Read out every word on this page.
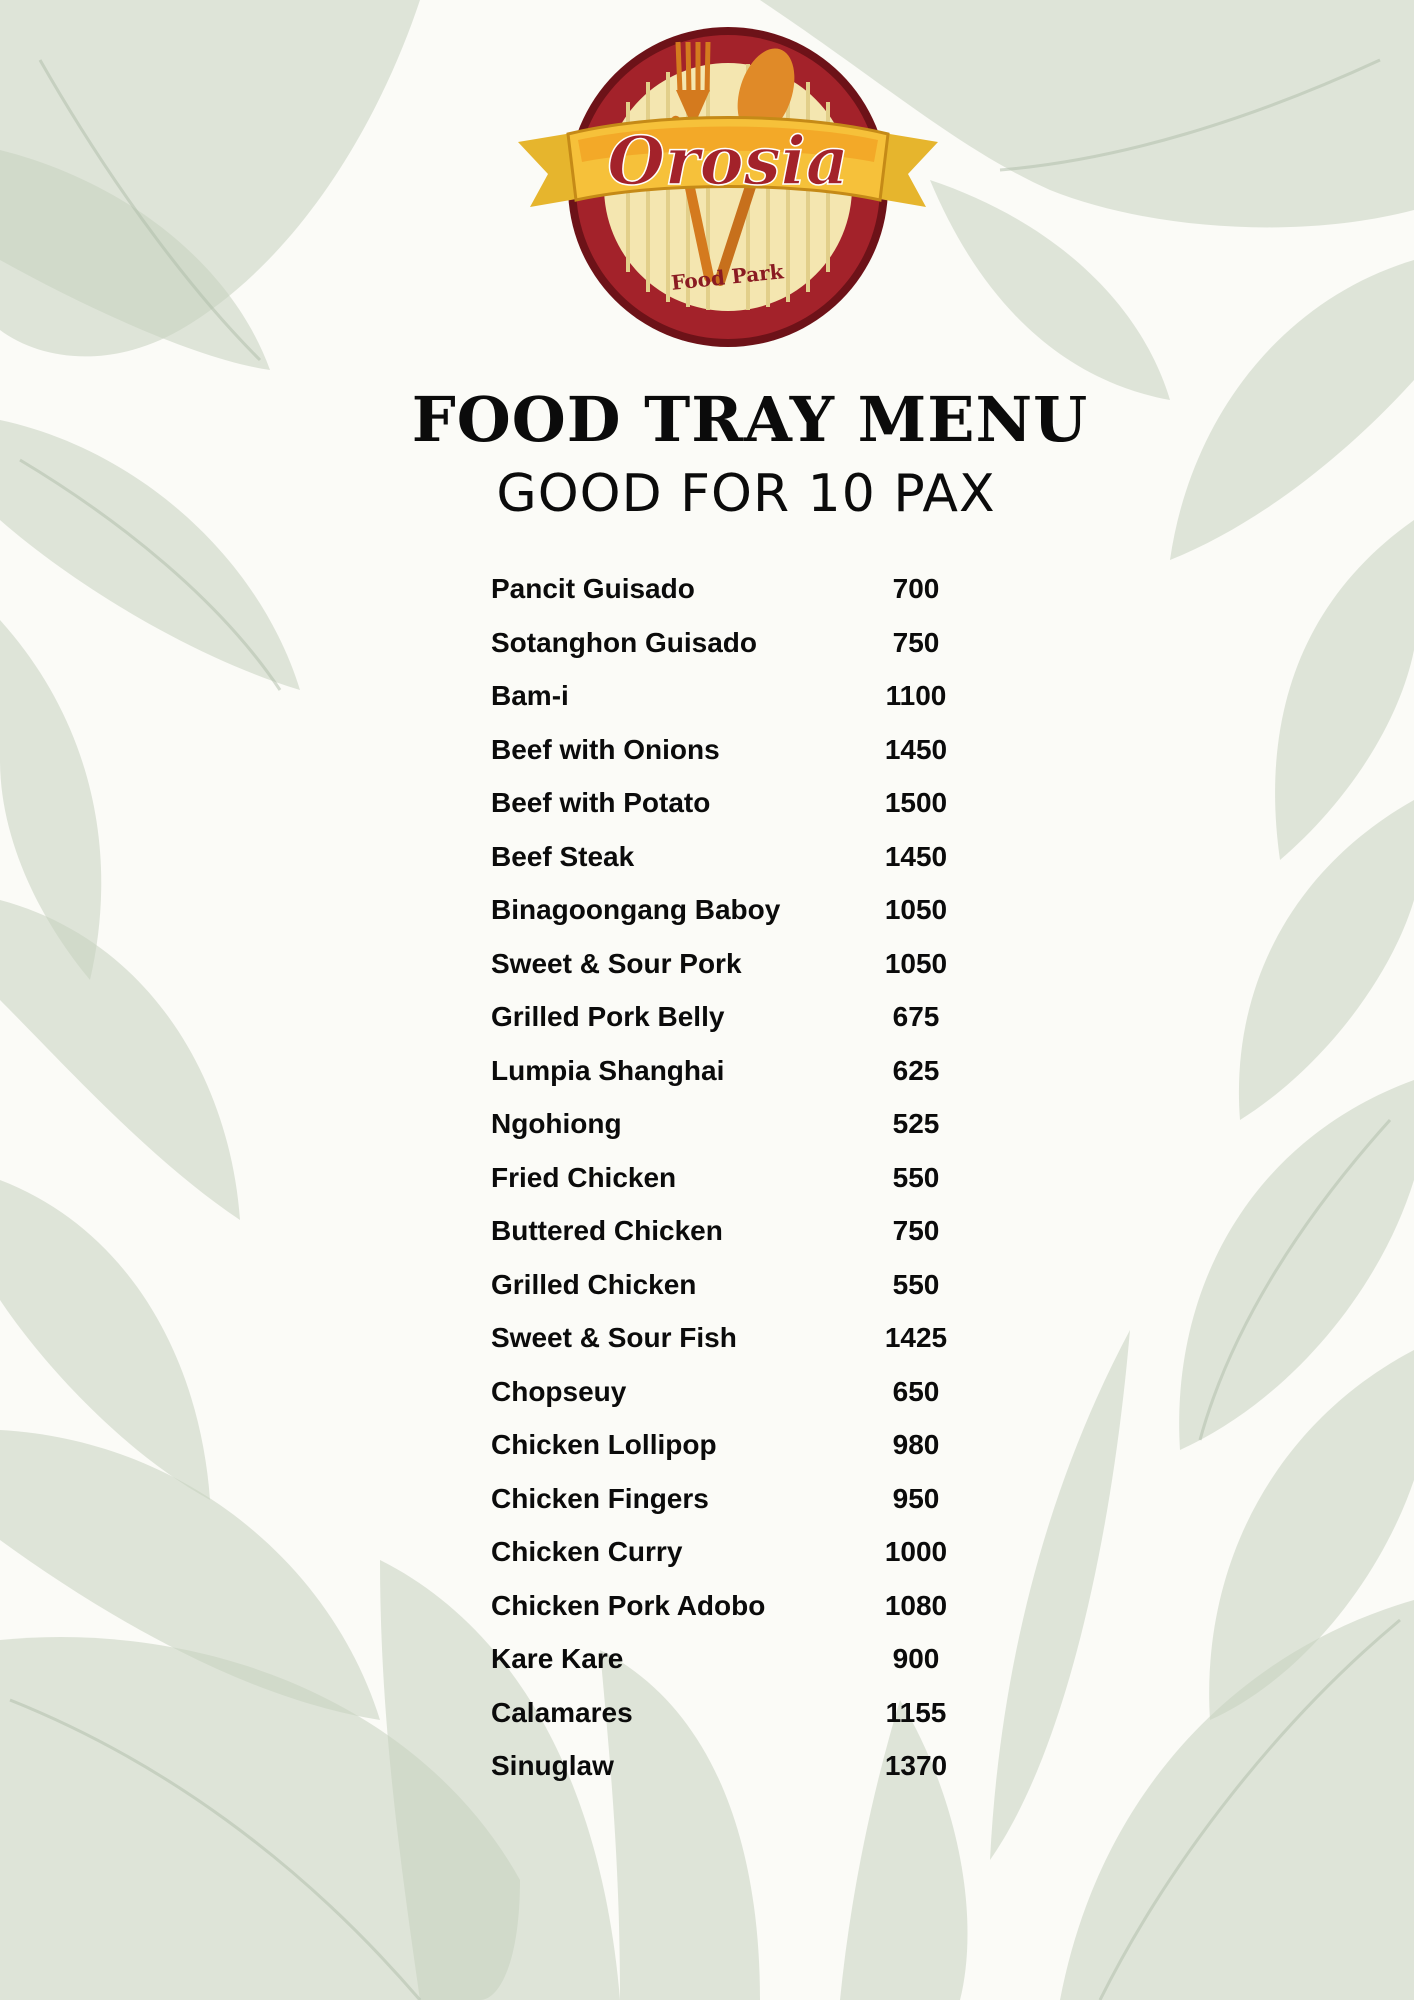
Orosia
Food Park
FOOD TRAY MENU
GOOD FOR 10 PAX
Pancit Guisado	700
Sotanghon Guisado	750
Bam-i	1100
Beef with Onions	1450
Beef with Potato	1500
Beef Steak	1450
Binagoongang Baboy	1050
Sweet & Sour Pork	1050
Grilled Pork Belly	675
Lumpia Shanghai	625
Ngohiong	525
Fried Chicken	550
Buttered Chicken	750
Grilled Chicken	550
Sweet & Sour Fish	1425
Chopseuy	650
Chicken Lollipop	980
Chicken Fingers	950
Chicken Curry	1000
Chicken Pork Adobo	1080
Kare Kare	900
Calamares	1155
Sinuglaw	1370
